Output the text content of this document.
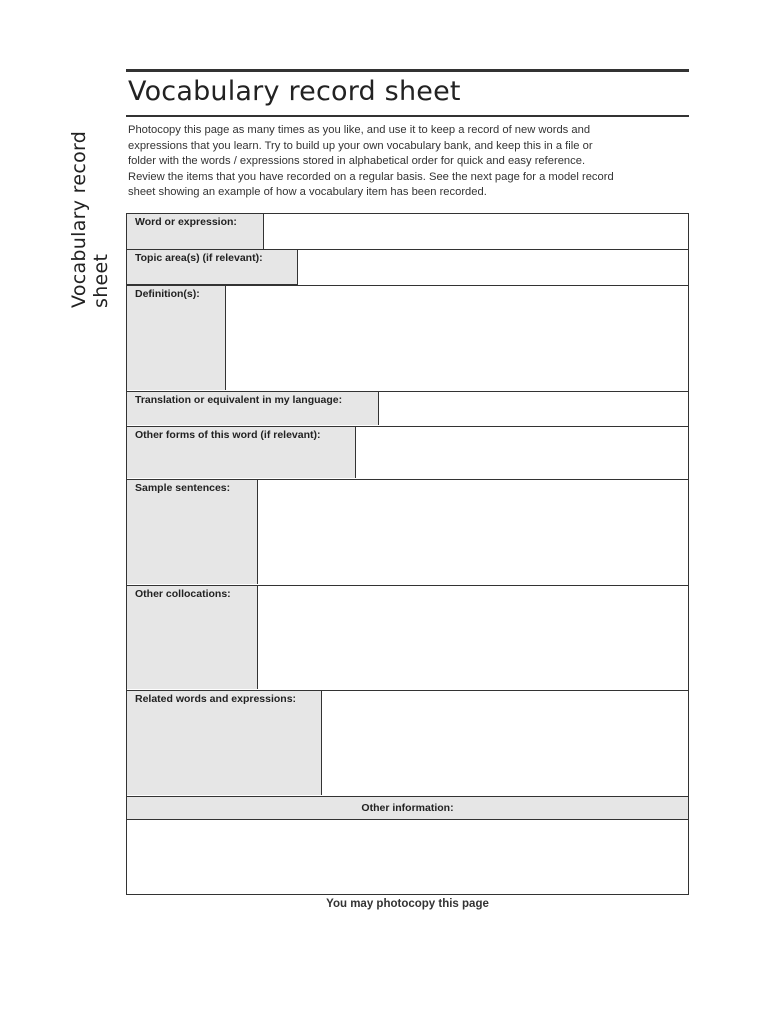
Vocabulary record sheet
Vocabulary record sheet
Photocopy this page as many times as you like, and use it to keep a record of new words and
expressions that you learn. Try to build up your own vocabulary bank, and keep this in a file or
folder with the words / expressions stored in alphabetical order for quick and easy reference.
Review the items that you have recorded on a regular basis. See the next page for a model record
sheet showing an example of how a vocabulary item has been recorded.
Word or expression:
Topic area(s) (if relevant):
Definition(s):
Translation or equivalent in my language:
Other forms of this word (if relevant):
Sample sentences:
Other collocations:
Related words and expressions:
Other information:
You may photocopy this page
